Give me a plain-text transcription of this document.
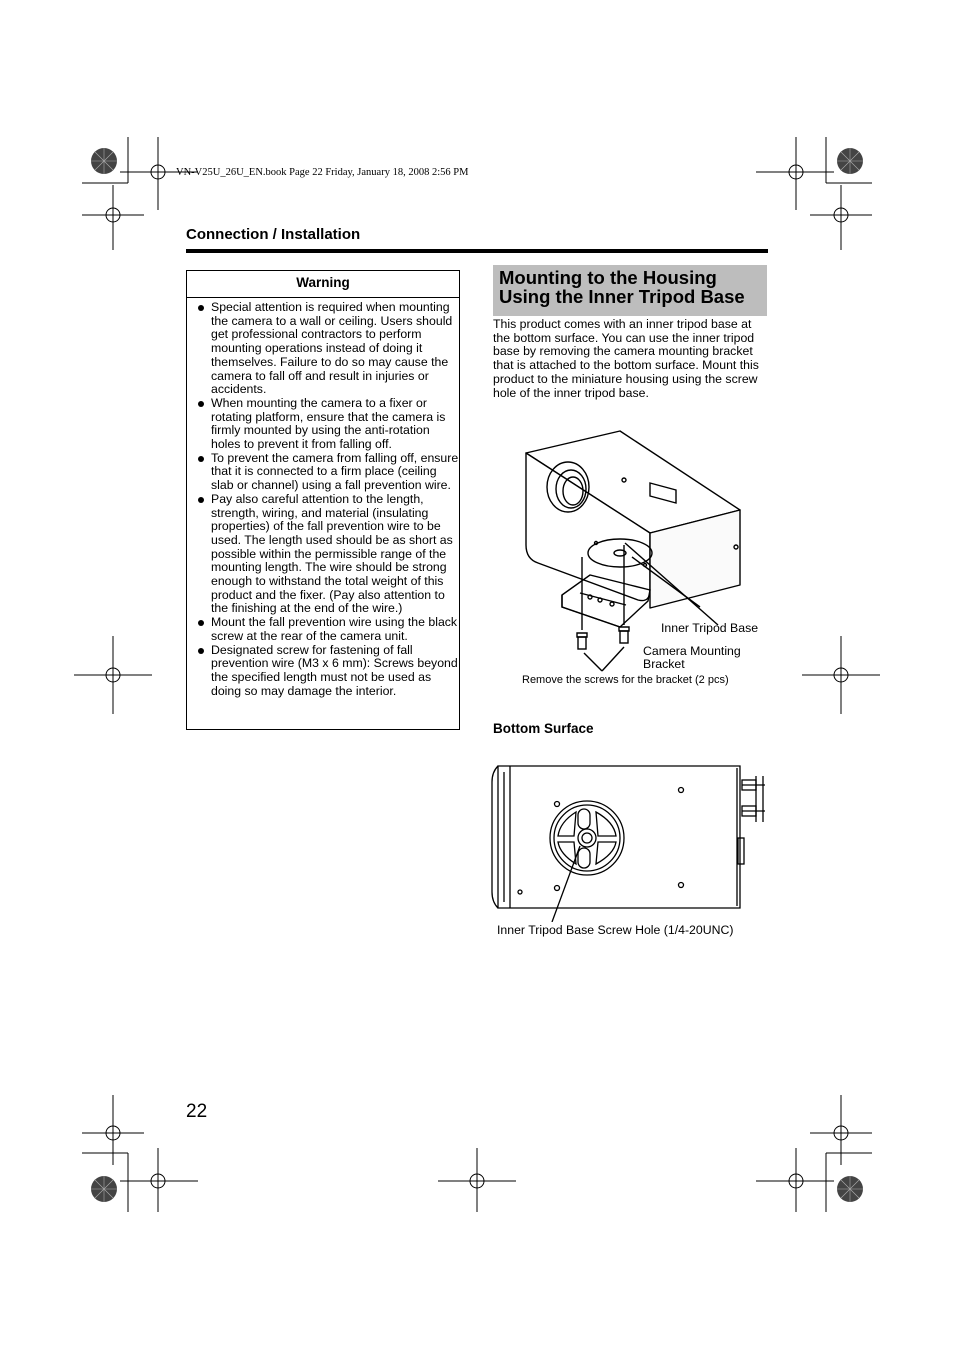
VN-V25U_26U_EN.book Page 22 Friday, January 18, 2008 2:56 PM
Connection / Installation
Warning
Special attention is required when mounting the camera to a wall or ceiling. Users should get professional contractors to perform mounting operations instead of doing it themselves. Failure to do so may cause the camera to fall off and result in injuries or accidents.
When mounting the camera to a fixer or rotating platform, ensure that the camera is firmly mounted by using the anti-rotation holes to prevent it from falling off.
To prevent the camera from falling off, ensure that it is connected to a firm place (ceiling slab or channel) using a fall prevention wire.
Pay also careful attention to the length, strength, wiring, and material (insulating properties) of the fall prevention wire to be used. The length used should be as short as possible within the permissible range of the mounting length. The wire should be strong enough to withstand the total weight of this product and the fixer. (Pay also attention to the finishing at the end of the wire.)
Mount the fall prevention wire using the black screw at the rear of the camera unit.
Designated screw for fastening of fall prevention wire (M3 x 6 mm): Screws beyond the specified length must not be used as doing so may damage the interior.
Mounting to the Housing
Using the Inner Tripod Base
This product comes with an inner tripod base at the bottom surface. You can use the inner tripod base by removing the camera mounting bracket that is attached to the bottom surface. Mount this product to the miniature housing using the screw hole of the inner tripod base.
Inner Tripod Base
Camera Mounting
Bracket
Remove the screws for the bracket (2 pcs)
Bottom Surface
Inner Tripod Base Screw Hole (1/4-20UNC)
22
